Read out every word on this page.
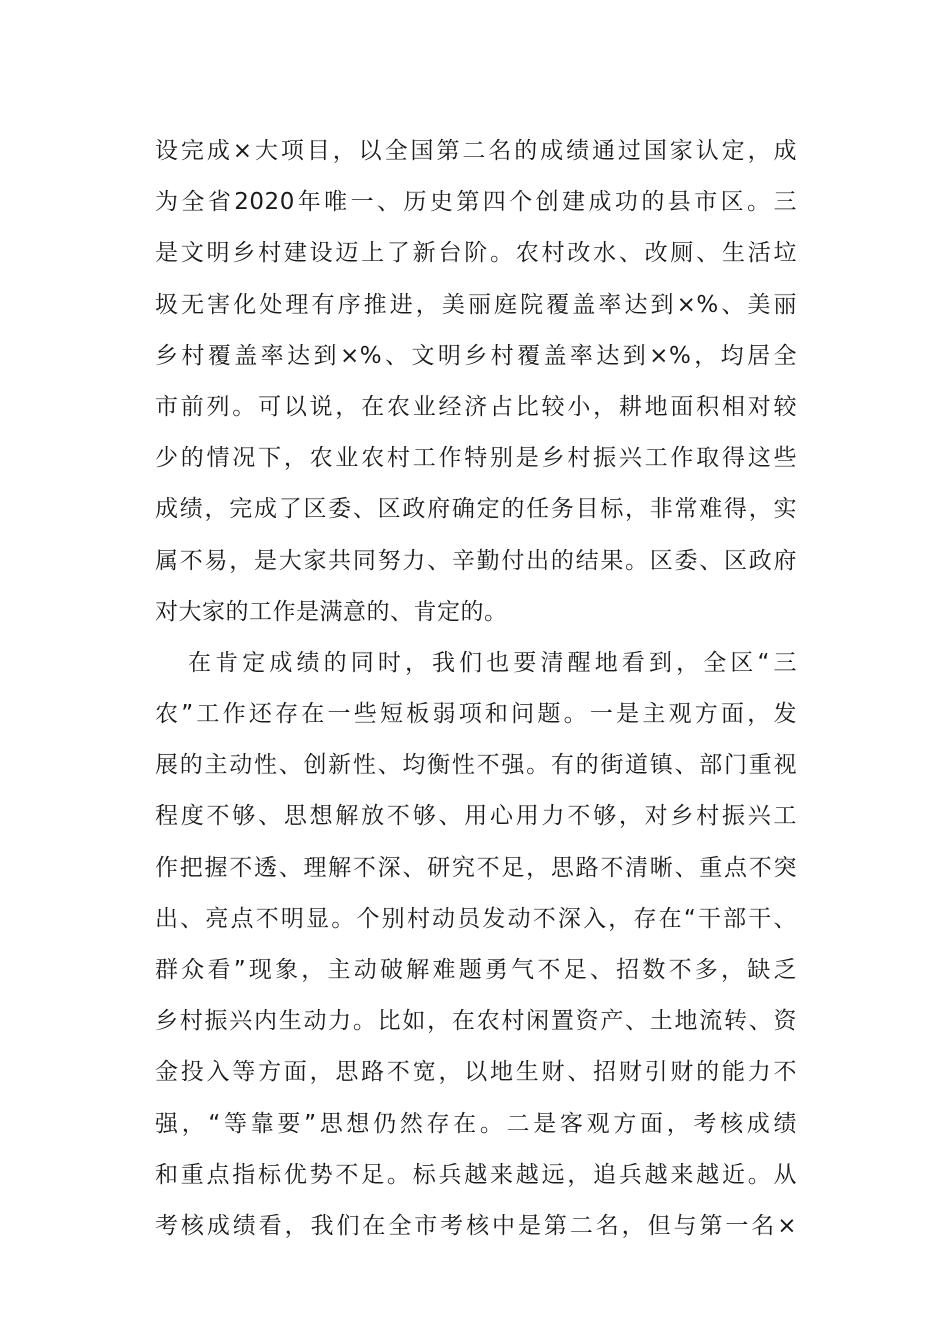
设完成×大项目，以全国第二名的成绩通过国家认定，成
为全省2020年唯一、历史第四个创建成功的县市区。三
是文明乡村建设迈上了新台阶。农村改水、改厕、生活垃
圾无害化处理有序推进，美丽庭院覆盖率达到×%、美丽
乡村覆盖率达到×%、文明乡村覆盖率达到×%，均居全
市前列。可以说，在农业经济占比较小，耕地面积相对较
少的情况下，农业农村工作特别是乡村振兴工作取得这些
成绩，完成了区委、区政府确定的任务目标，非常难得，实
属不易，是大家共同努力、辛勤付出的结果。区委、区政府
对大家的工作是满意的、肯定的。
在肯定成绩的同时，我们也要清醒地看到，全区“三
农”工作还存在一些短板弱项和问题。一是主观方面，发
展的主动性、创新性、均衡性不强。有的街道镇、部门重视
程度不够、思想解放不够、用心用力不够，对乡村振兴工
作把握不透、理解不深、研究不足，思路不清晰、重点不突
出、亮点不明显。个别村动员发动不深入，存在“干部干、
群众看”现象，主动破解难题勇气不足、招数不多，缺乏
乡村振兴内生动力。比如，在农村闲置资产、土地流转、资
金投入等方面，思路不宽，以地生财、招财引财的能力不
强，“等靠要”思想仍然存在。二是客观方面，考核成绩
和重点指标优势不足。标兵越来越远，追兵越来越近。从
考核成绩看，我们在全市考核中是第二名，但与第一名×
